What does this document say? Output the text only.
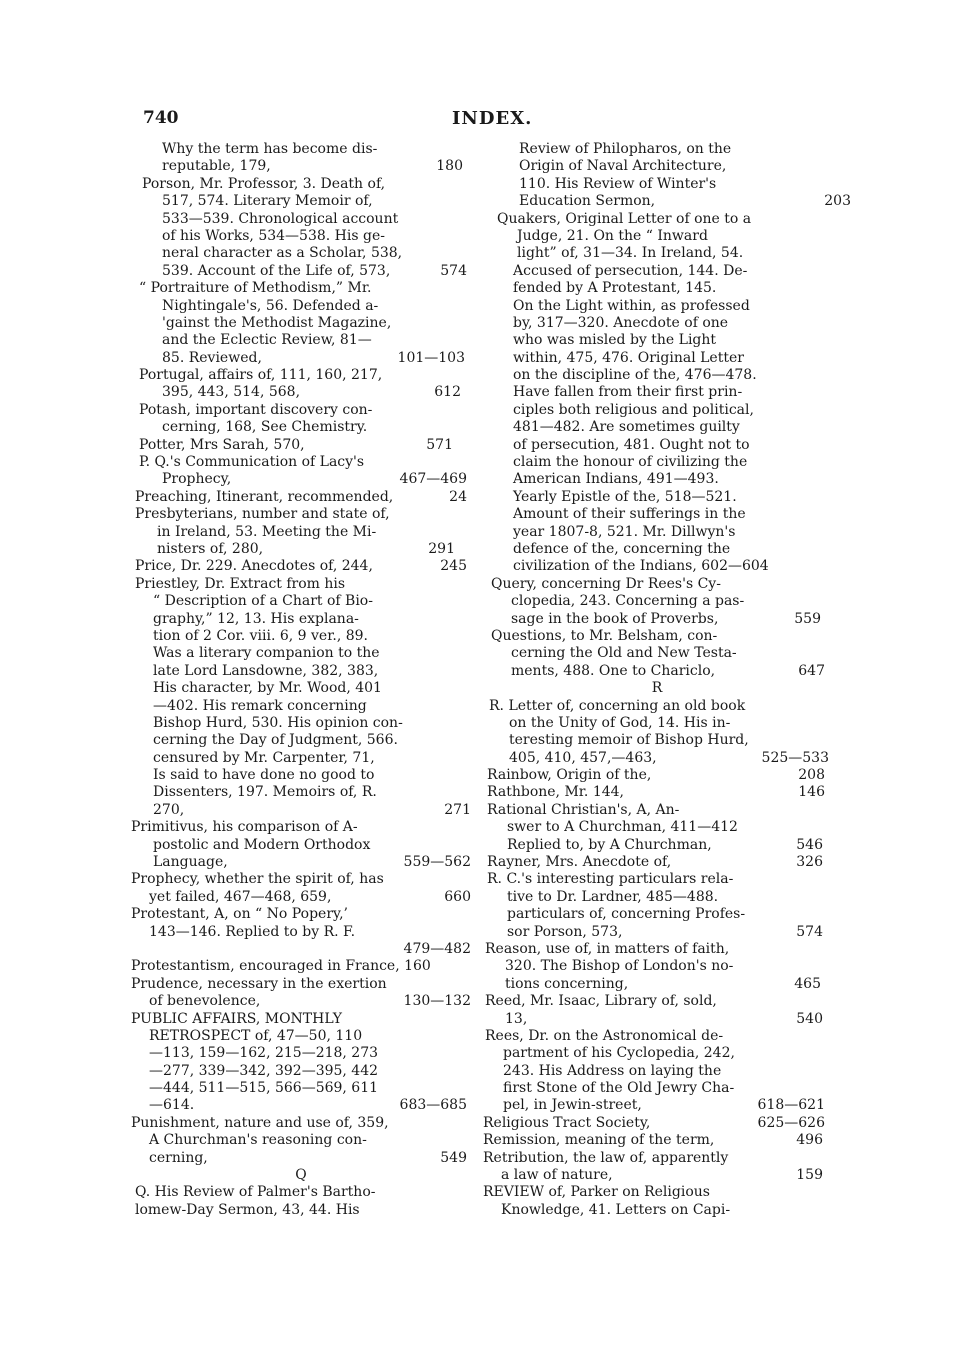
740	INDEX.
Why the term has become dis-
reputable, 179,	180
Porson, Mr. Professor, 3. Death of,
517, 574. Literary Memoir of,
533—539. Chronological account
of his Works, 534—538. His ge-
neral character as a Scholar, 538,
539. Account of the Life of, 573,	574
“ Portraiture of Methodism,” Mr.
Nightingale's, 56. Defended a-
'gainst the Methodist Magazine,
and the Eclectic Review, 81—
85. Reviewed,	101—103
Portugal, affairs of, 111, 160, 217,
395, 443, 514, 568,	612
Potash, important discovery con-
cerning, 168, See Chemistry.
Potter, Mrs Sarah, 570,	571
P. Q.'s Communication of Lacy's
Prophecy,	467—469
Preaching, Itinerant, recommended,	24
Presbyterians, number and state of,
in Ireland, 53. Meeting the Mi-
nisters of, 280,	291
Price, Dr. 229. Anecdotes of, 244,	245
Priestley, Dr. Extract from his
“ Description of a Chart of Bio-
graphy,” 12, 13. His explana-
tion of 2 Cor. viii. 6, 9 ver., 89.
Was a literary companion to the
late Lord Lansdowne, 382, 383,
His character, by Mr. Wood, 401
—402. His remark concerning
Bishop Hurd, 530. His opinion con-
cerning the Day of Judgment, 566.
censured by Mr. Carpenter, 71,
Is said to have done no good to
Dissenters, 197. Memoirs of, R.
270,	271
Primitivus, his comparison of A-
postolic and Modern Orthodox
Language,	559—562
Prophecy, whether the spirit of, has
yet failed, 467—468, 659,	660
Protestant, A, on “ No Popery,’
143—146. Replied to by R. F.
479—482
Protestantism, encouraged in France, 160
Prudence, necessary in the exertion
of benevolence,	130—132
PUBLIC AFFAIRS, MONTHLY
RETROSPECT of, 47—50, 110
—113, 159—162, 215—218, 273
—277, 339—342, 392—395, 442
—444, 511—515, 566—569, 611
—614.	683—685
Punishment, nature and use of, 359,
A Churchman's reasoning con-
cerning,	549
Q
Q. His Review of Palmer's Bartho-
lomew-Day Sermon, 43, 44. His
Review of Philopharos, on the
Origin of Naval Architecture,
110. His Review of Winter's
Education Sermon,	203
Quakers, Original Letter of one to a
Judge, 21. On the “ Inward
light” of, 31—34. In Ireland, 54.
Accused of persecution, 144. De-
fended by A Protestant, 145.
On the Light within, as professed
by, 317—320. Anecdote of one
who was misled by the Light
within, 475, 476. Original Letter
on the discipline of the, 476—478.
Have fallen from their first prin-
ciples both religious and political,
481—482. Are sometimes guilty
of persecution, 481. Ought not to
claim the honour of civilizing the
American Indians, 491—493.
Yearly Epistle of the, 518—521.
Amount of their sufferings in the
year 1807-8, 521. Mr. Dillwyn's
defence of the, concerning the
civilization of the Indians, 602—604
Query, concerning Dr Rees's Cy-
clopedia, 243. Concerning a pas-
sage in the book of Proverbs,	559
Questions, to Mr. Belsham, con-
cerning the Old and New Testa-
ments, 488. One to Chariclo,	647
R
R. Letter of, concerning an old book
on the Unity of God, 14. His in-
teresting memoir of Bishop Hurd,
405, 410, 457,—463,	525—533
Rainbow, Origin of the,	208
Rathbone, Mr. 144,	146
Rational Christian's, A, An-
swer to A Churchman, 411—412
Replied to, by A Churchman,	546
Rayner, Mrs. Anecdote of,	326
R. C.'s interesting particulars rela-
tive to Dr. Lardner, 485—488.
particulars of, concerning Profes-
sor Porson, 573,	574
Reason, use of, in matters of faith,
320. The Bishop of London's no-
tions concerning,	465
Reed, Mr. Isaac, Library of, sold,
13,	540
Rees, Dr. on the Astronomical de-
partment of his Cyclopedia, 242,
243. His Address on laying the
first Stone of the Old Jewry Cha-
pel, in Jewin-street,	618—621
Religious Tract Society,	625—626
Remission, meaning of the term,	496
Retribution, the law of, apparently
a law of nature,	159
REVIEW of, Parker on Religious
Knowledge, 41. Letters on Capi-
